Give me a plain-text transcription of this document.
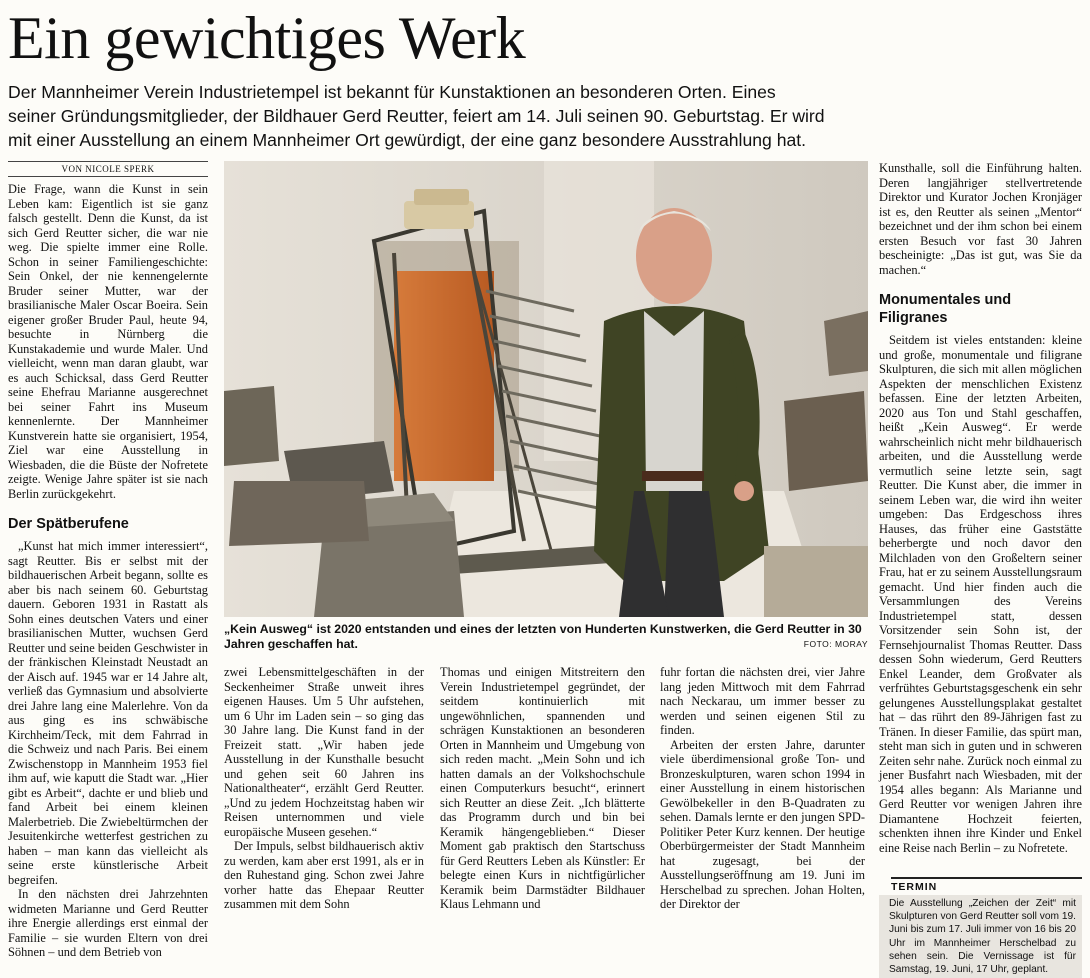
Ein gewichtiges Werk

Der Mannheimer Verein Industrietempel ist bekannt für Kunstaktionen an besonderen Orten. Eines

seiner Gründungsmitglieder, der Bildhauer Gerd Reutter, feiert am 14. Juli seinen 90. Geburtstag. Er wird

mit einer Ausstellung an einem Mannheimer Ort gewürdigt, der eine ganz besondere Ausstrahlung hat.

VON NICOLE SPERK

Die Frage, wann die Kunst in sein Leben kam: Eigentlich ist sie ganz falsch gestellt. Denn die Kunst, da ist sich Gerd Reutter sicher, die war nie weg. Die spielte immer eine Rolle. Schon in seiner Familiengeschichte: Sein Onkel, der nie kennengelernte Bruder seiner Mutter, war der brasilianische Maler Oscar Boeira. Sein eigener großer Bruder Paul, heute 94, besuchte in Nürnberg die Kunstakademie und wurde Maler. Und vielleicht, wenn man daran glaubt, war es auch Schicksal, dass Gerd Reutter seine Ehefrau Marianne ausgerechnet bei seiner Fahrt ins Museum kennenlernte. Der Mannheimer Kunstverein hatte sie organisiert, 1954, Ziel war eine Ausstellung in Wiesbaden, die die Büste der Nofretete zeigte. Wenige Jahre später ist sie nach Berlin zurückgekehrt.

Der Spätberufene

„Kunst hat mich immer interessiert“, sagt Reutter. Bis er selbst mit der bildhauerischen Arbeit begann, sollte es aber bis nach seinem 60. Geburtstag dauern. Geboren 1931 in Rastatt als Sohn eines deutschen Vaters und einer brasilianischen Mutter, wuchsen Gerd Reutter und seine beiden Geschwister in der fränkischen Kleinstadt Neustadt an der Aisch auf. 1945 war er 14 Jahre alt, verließ das Gymnasium und absolvierte drei Jahre lang eine Malerlehre. Von da aus ging es ins schwäbische Kirchheim/Teck, mit dem Fahrrad in die Schweiz und nach Paris. Bei einem Zwischenstopp in Mannheim 1953 fiel ihm auf, wie kaputt die Stadt war. „Hier gibt es Arbeit“, dachte er und blieb und fand Arbeit bei einem kleinen Malerbetrieb. Die Zwiebeltürmchen der Jesuitenkirche wetterfest gestrichen zu haben – man kann das vielleicht als seine erste künstlerische Arbeit begreifen.

In den nächsten drei Jahrzehnten widmeten Marianne und Gerd Reutter ihre Energie allerdings erst einmal der Familie – sie wurden Eltern von drei Söhnen – und dem Betrieb von

„Kein Ausweg“ ist 2020 entstanden und eines der letzten von Hunderten Kunstwerken, die Gerd Reutter in 30 Jahren geschaffen hat.	FOTO: MORAY

zwei Lebensmittelgeschäften in der Seckenheimer Straße unweit ihres eigenen Hauses. Um 5 Uhr aufstehen, um 6 Uhr im Laden sein – so ging das 30 Jahre lang. Die Kunst fand in der Freizeit statt. „Wir haben jede Ausstellung in der Kunsthalle besucht und gehen seit 60 Jahren ins Nationaltheater“, erzählt Gerd Reutter. „Und zu jedem Hochzeitstag haben wir Reisen unternommen und viele europäische Museen gesehen.“

Der Impuls, selbst bildhauerisch aktiv zu werden, kam aber erst 1991, als er in den Ruhestand ging. Schon zwei Jahre vorher hatte das Ehepaar Reutter zusammen mit dem Sohn

Thomas und einigen Mitstreitern den Verein Industrietempel gegründet, der seitdem kontinuierlich mit ungewöhnlichen, spannenden und schrägen Kunstaktionen an besonderen Orten in Mannheim und Umgebung von sich reden macht. „Mein Sohn und ich hatten damals an der Volkshochschule einen Computerkurs besucht“, erinnert sich Reutter an diese Zeit. „Ich blätterte das Programm durch und bin bei Keramik hängengeblieben.“ Dieser Moment gab praktisch den Startschuss für Gerd Reutters Leben als Künstler: Er belegte einen Kurs in nichtfigürlicher Keramik beim Darmstädter Bildhauer Klaus Lehmann und

fuhr fortan die nächsten drei, vier Jahre lang jeden Mittwoch mit dem Fahrrad nach Neckarau, um immer besser zu werden und seinen eigenen Stil zu finden.

Arbeiten der ersten Jahre, darunter viele überdimensional große Ton- und Bronzeskulpturen, waren schon 1994 in einer Ausstellung in einem historischen Gewölbekeller in den B-Quadraten zu sehen. Damals lernte er den jungen SPD-Politiker Peter Kurz kennen. Der heutige Oberbürgermeister der Stadt Mannheim hat zugesagt, bei der Ausstellungseröffnung am 19. Juni im Herschelbad zu sprechen. Johan Holten, der Direktor der

Kunsthalle, soll die Einführung halten. Deren langjähriger stellvertretende Direktor und Kurator Jochen Kronjäger ist es, den Reutter als seinen „Mentor“ bezeichnet und der ihm schon bei einem ersten Besuch vor fast 30 Jahren bescheinigte: „Das ist gut, was Sie da machen.“

Monumentales und Filigranes

Seitdem ist vieles entstanden: kleine und große, monumentale und filigrane Skulpturen, die sich mit allen möglichen Aspekten der menschlichen Existenz befassen. Eine der letzten Arbeiten, 2020 aus Ton und Stahl geschaffen, heißt „Kein Ausweg“. Er werde wahrscheinlich nicht mehr bildhauerisch arbeiten, und die Ausstellung werde vermutlich seine letzte sein, sagt Reutter. Die Kunst aber, die immer in seinem Leben war, die wird ihn weiter umgeben: Das Erdgeschoss ihres Hauses, das früher eine Gaststätte beherbergte und noch davor den Milchladen von den Großeltern seiner Frau, hat er zu seinem Ausstellungsraum gemacht. Und hier finden auch die Versammlungen des Vereins Industrietempel statt, dessen Vorsitzender sein Sohn ist, der Fernsehjournalist Thomas Reutter. Dass dessen Sohn wiederum, Gerd Reutters Enkel Leander, dem Großvater als verfrühtes Geburtstagsgeschenk ein sehr gelungenes Ausstellungsplakat gestaltet hat – das rührt den 89-Jährigen fast zu Tränen. In dieser Familie, das spürt man, steht man sich in guten und in schweren Zeiten sehr nahe. Zurück noch einmal zu jener Busfahrt nach Wiesbaden, mit der 1954 alles begann: Als Marianne und Gerd Reutter vor wenigen Jahren ihre Diamantene Hochzeit feierten, schenkten ihnen ihre Kinder und Enkel eine Reise nach Berlin – zu Nofretete.

TERMIN
Die Ausstellung „Zeichen der Zeit“ mit Skulpturen von Gerd Reutter soll vom 19. Juni bis zum 17. Juli immer von 16 bis 20 Uhr im Mannheimer Herschelbad zu sehen sein. Die Vernissage ist für Samstag, 19. Juni, 17 Uhr, geplant.
